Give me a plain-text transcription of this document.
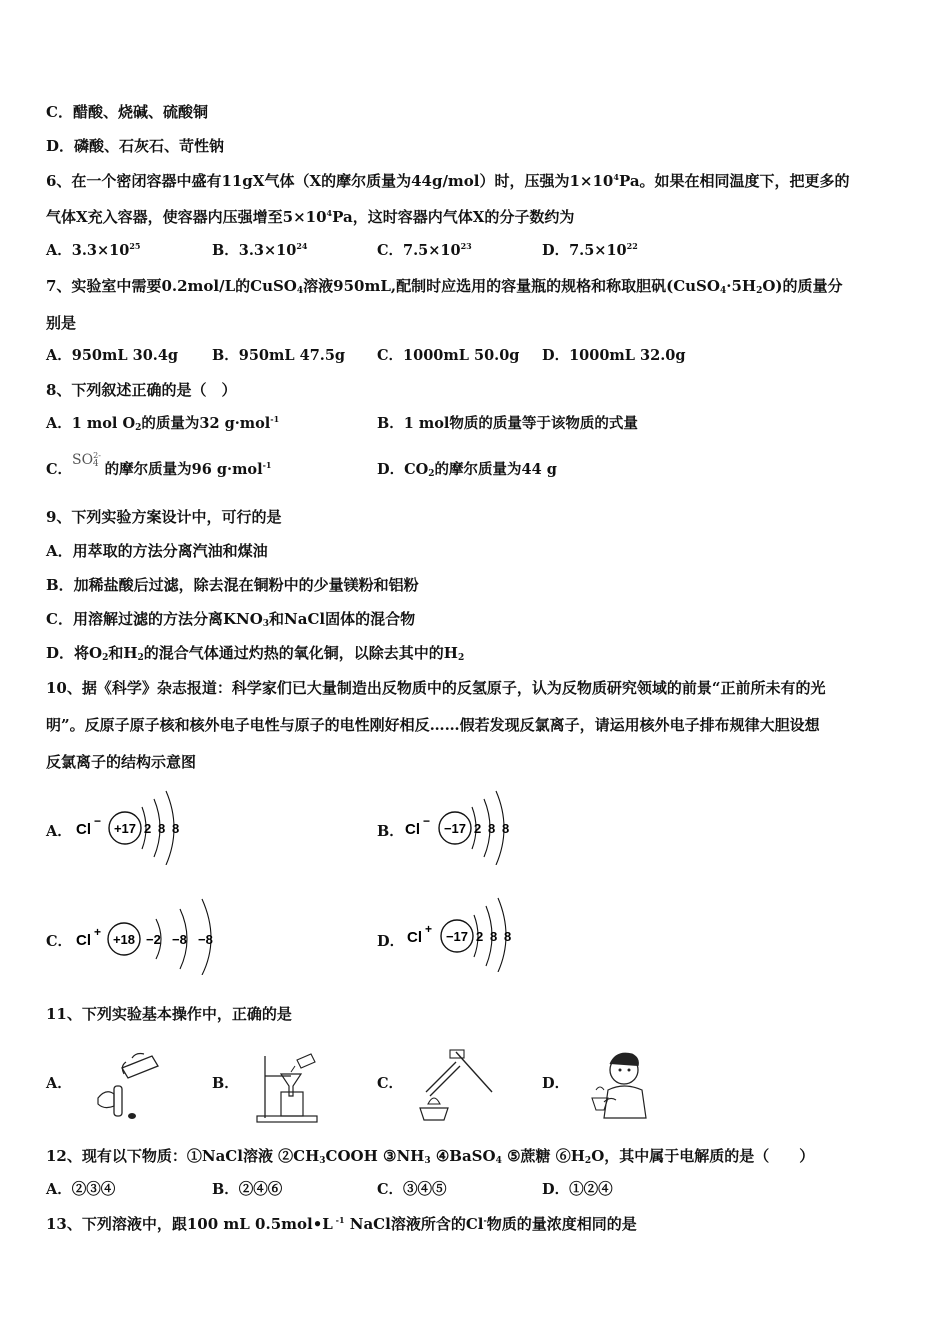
C．醋酸、烧碱、硫酸铜
D．磷酸、石灰石、苛性钠
6、在一个密闭容器中盛有11gX气体（X的摩尔质量为44g/mol）时，压强为$1\times 10^4Pa$。如果在相同温度下，把更多的
气体X充入容器，使容器内压强增至$5\times 10^4Pa$，这时容器内气体X的分子数约为
A．$3.3\times 10^{25}$	B．$3.3\times 10^{24}$	C．$7.5\times 10^{23}$	D．$7.5\times 10^{22}$
7、实验室中需要0.2mol/L的CuSO$_4$溶液950mL,配制时应选用的容量瓶的规格和称取胆矾$(CuSO_4\cdot 5H_2O)$的质量分
别是
A．950mL 30.4g B．950mL 47.5g C．1000mL 50.0g D．1000mL 32.0g
8、下列叙述正确的是（　）
A．1 mol $O_2$的质量为32 g·mol$^{-1}$	B．1 mol物质的质量等于该物质的式量
C．$SO^{2-}_4$ 的摩尔质量为96 g·mol$^{-1}$	D．$CO_2$的摩尔质量为44 g
9、下列实验方案设计中，可行的是
A．用萃取的方法分离汽油和煤油
B．加稀盐酸后过滤，除去混在铜粉中的少量镁粉和铝粉
C．用溶解过滤的方法分离$KNO_3$和NaCl固体的混合物
D．将$O_2$和$H_2$的混合气体通过灼热的氧化铜，以除去其中的$H_2$
10、据《科学》杂志报道：科学家们已大量制造出反物质中的反氢原子，认为反物质研究领域的前景“正前所未有的光
明”。反原子原子核和核外电子电性与原子的电性刚好相反……假若发现反氯离子，请运用核外电子排布规律大胆设想
反氯离子的结构示意图
A． Cl − +17 2 8 8	B． Cl − −17 2 8 8
C． Cl + +18 −2 −8 −8	D． Cl + −17 2 8 8
11、下列实验基本操作中，正确的是
A．	B．	C．	D．
12、现有以下物质：①NaCl溶液 $②CH_3COOH$ $③NH_3$ ④BaSO$_4$ ⑤蔗糖 $⑥H_2O$，其中属于电解质的是（　　）
A．②③④	B．②④⑥	C．③④⑤	D．①②④
13、下列溶液中，跟100 mL 0.5mol•L $^{-1}$ NaCl溶液所含的Cl-物质的量浓度相同的是
